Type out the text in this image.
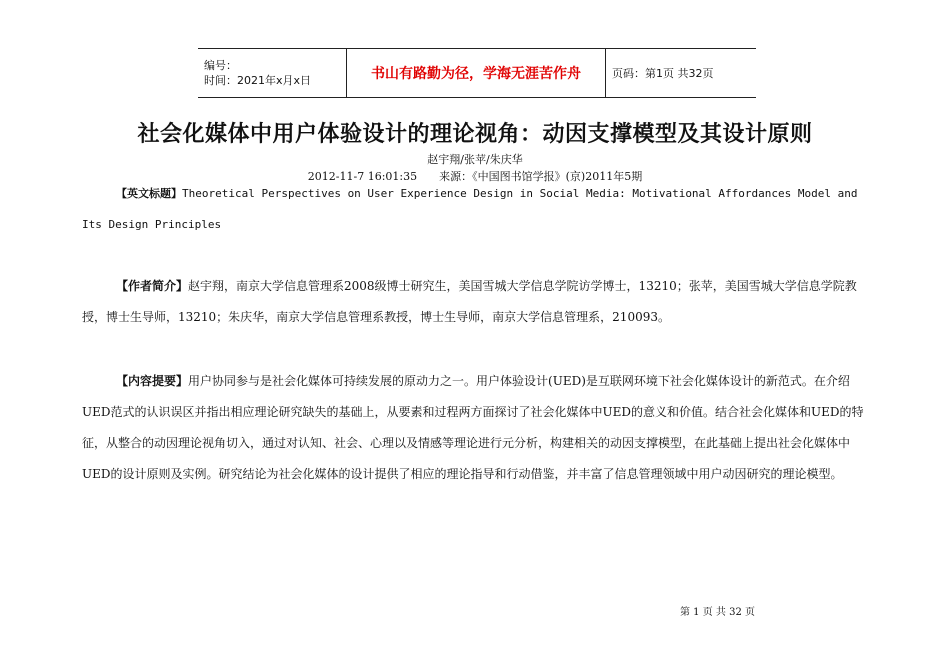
编号：
时间：2021年x月x日	书山有路勤为径，学海无涯苦作舟	页码：第1页 共32页
社会化媒体中用户体验设计的理论视角：动因支撑模型及其设计原则
赵宇翔/张苹/朱庆华
2012-11-7 16:01:35　　来源：《中国图书馆学报》(京)2011年5期

【英文标题】Theoretical Perspectives on User Experience Design in Social Media: Motivational Affordances Model and Its Design Principles

【作者简介】赵宇翔，南京大学信息管理系2008级博士研究生，美国雪城大学信息学院访学博士，13210；张苹，美国雪城大学信息学院教授，博士生导师，13210；朱庆华，南京大学信息管理系教授，博士生导师，南京大学信息管理系，210093。

【内容提要】用户协同参与是社会化媒体可持续发展的原动力之一。用户体验设计(UED)是互联网环境下社会化媒体设计的新范式。在介绍UED范式的认识误区并指出相应理论研究缺失的基础上，从要素和过程两方面探讨了社会化媒体中UED的意义和价值。结合社会化媒体和UED的特征，从整合的动因理论视角切入，通过对认知、社会、心理以及情感等理论进行元分析，构建相关的动因支撑模型，在此基础上提出社会化媒体中UED的设计原则及实例。研究结论为社会化媒体的设计提供了相应的理论指导和行动借鉴，并丰富了信息管理领域中用户动因研究的理论模型。

第 1 页 共 32 页
